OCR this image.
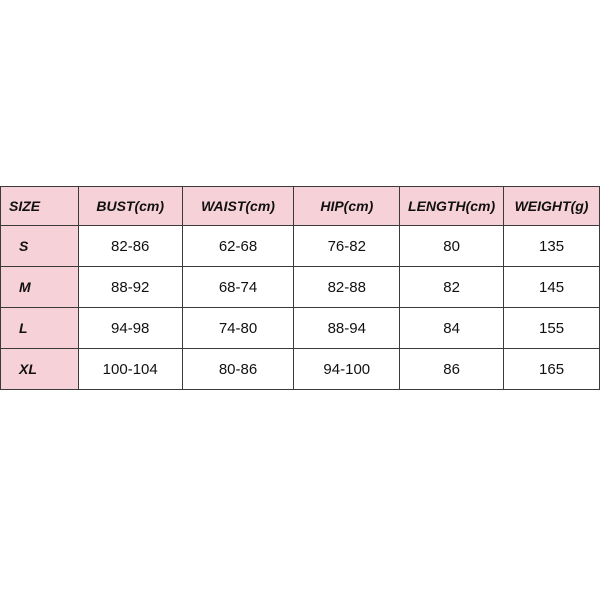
SIZE	BUST(cm)	WAIST(cm)	HIP(cm)	LENGTH(cm)	WEIGHT(g)
S	82-86	62-68	76-82	80	135
M	88-92	68-74	82-88	82	145
L	94-98	74-80	88-94	84	155
XL	100-104	80-86	94-100	86	165
